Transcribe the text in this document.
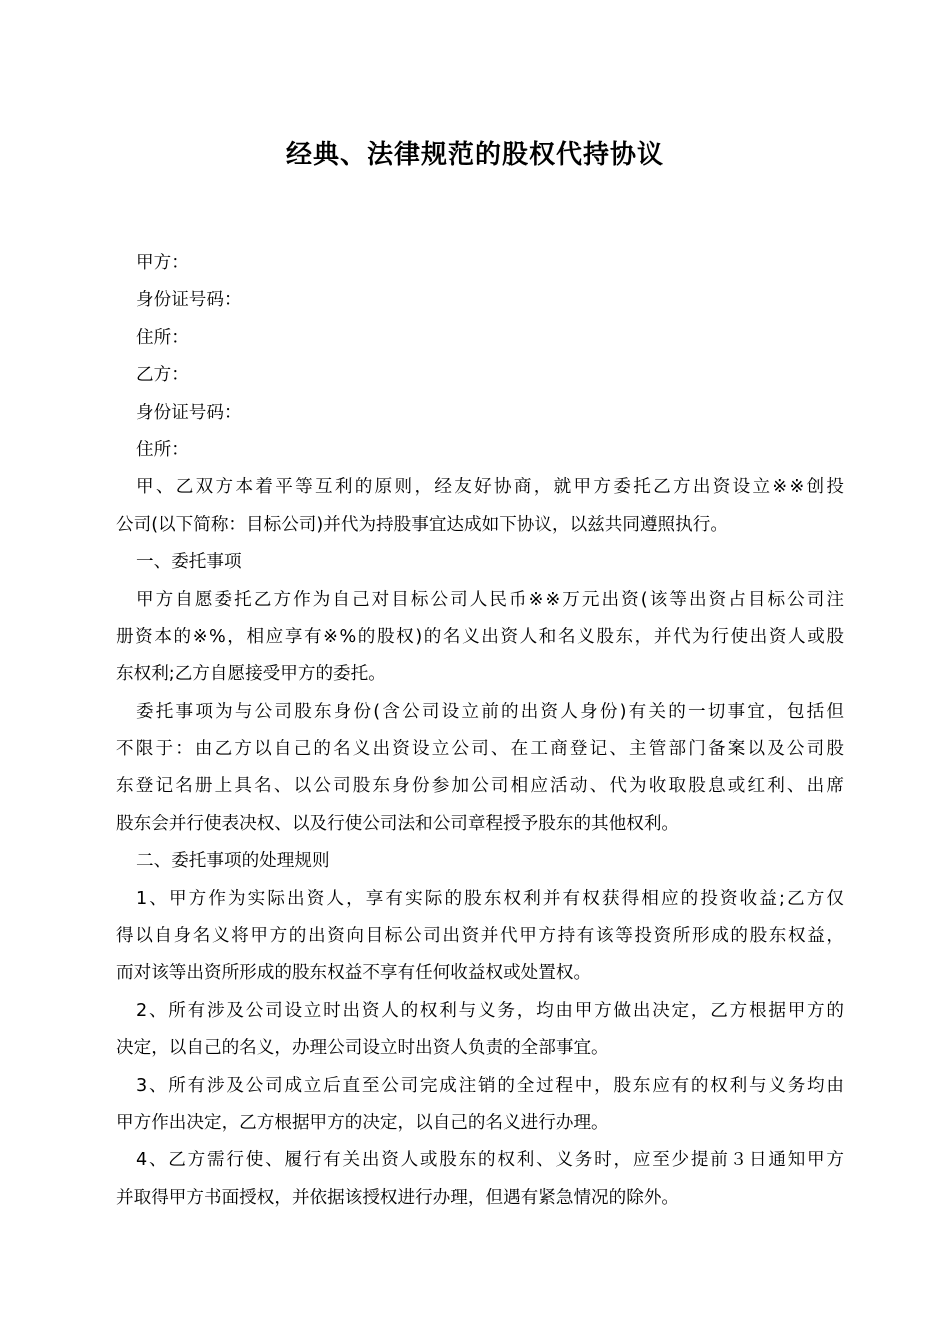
经典、法律规范的股权代持协议
甲方：
身份证号码：
住所：
乙方：
身份证号码：
住所：
甲、乙双方本着平等互利的原则，经友好协商，就甲方委托乙方出资设立※※创投
公司(以下简称：目标公司)并代为持股事宜达成如下协议，以兹共同遵照执行。
一、委托事项
甲方自愿委托乙方作为自己对目标公司人民币※※万元出资(该等出资占目标公司注
册资本的※%，相应享有※%的股权)的名义出资人和名义股东，并代为行使出资人或股
东权利;乙方自愿接受甲方的委托。
委托事项为与公司股东身份(含公司设立前的出资人身份)有关的一切事宜，包括但
不限于：由乙方以自己的名义出资设立公司、在工商登记、主管部门备案以及公司股
东登记名册上具名、以公司股东身份参加公司相应活动、代为收取股息或红利、出席
股东会并行使表决权、以及行使公司法和公司章程授予股东的其他权利。
二、委托事项的处理规则
1、甲方作为实际出资人，享有实际的股东权利并有权获得相应的投资收益;乙方仅
得以自身名义将甲方的出资向目标公司出资并代甲方持有该等投资所形成的股东权益，
而对该等出资所形成的股东权益不享有任何收益权或处置权。
2、所有涉及公司设立时出资人的权利与义务，均由甲方做出决定，乙方根据甲方的
决定，以自己的名义，办理公司设立时出资人负责的全部事宜。
3、所有涉及公司成立后直至公司完成注销的全过程中，股东应有的权利与义务均由
甲方作出决定，乙方根据甲方的决定，以自己的名义进行办理。
4、乙方需行使、履行有关出资人或股东的权利、义务时，应至少提前３日通知甲方
并取得甲方书面授权，并依据该授权进行办理，但遇有紧急情况的除外。
